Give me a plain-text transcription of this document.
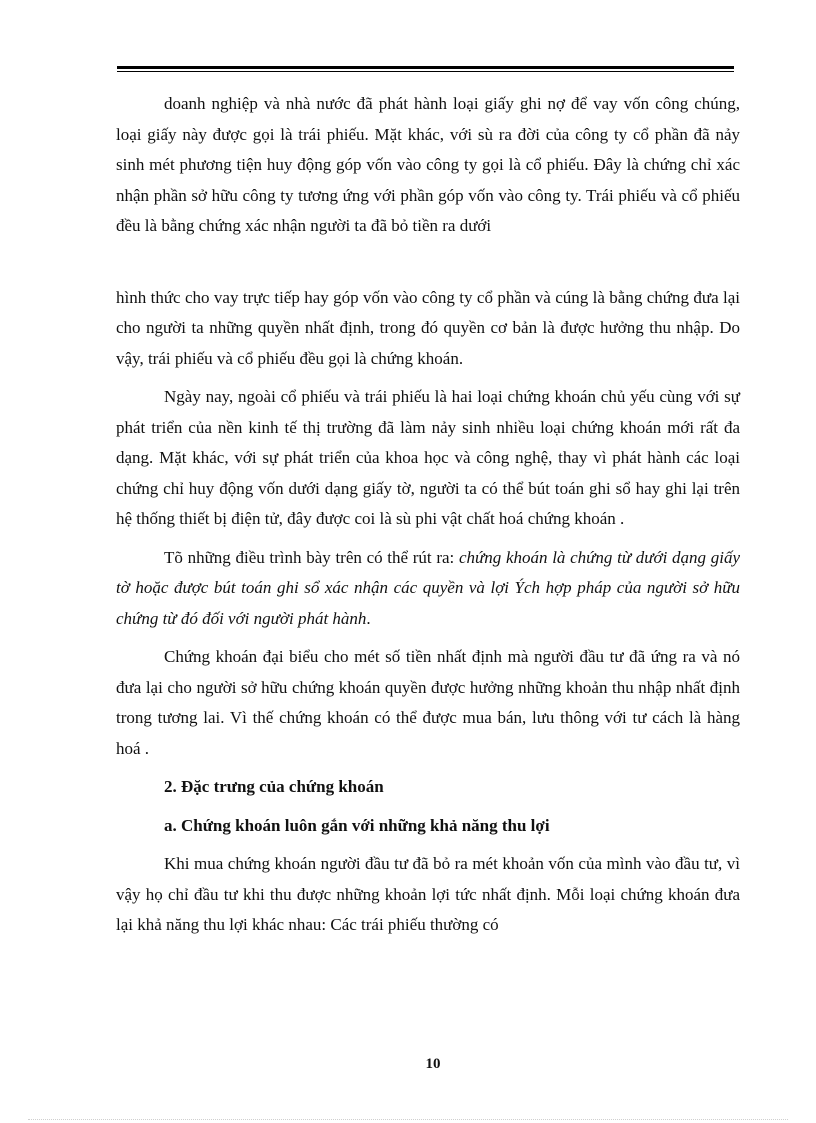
doanh nghiệp và nhà nước đã phát hành loại giấy ghi nợ để vay vốn công chúng, loại giấy này được gọi là trái phiếu. Mặt khác, với sù ra đời của công ty cổ phần đã nảy sinh mét phương tiện huy động góp vốn vào công ty gọi là cổ phiếu. Đây là chứng chỉ xác nhận phần sở hữu công ty tương ứng với phần góp vốn vào công ty. Trái phiếu và cổ phiếu đều là bằng chứng xác nhận người ta đã bỏ tiền ra dưới

hình thức cho vay trực tiếp hay góp vốn vào công ty cổ phần và cúng là bằng chứng đưa lại cho người ta những quyền nhất định, trong đó quyền cơ bản là được hưởng thu nhập. Do vậy, trái phiếu và cổ phiếu đều gọi là chứng khoán.

Ngày nay, ngoài cổ phiếu và trái phiếu là hai loại chứng khoán chủ yếu cùng với sự phát triển của nền kinh tế thị trường đã làm nảy sinh nhiều loại chứng khoán mới rất đa dạng. Mặt khác, với sự phát triển của khoa học và công nghệ, thay vì phát hành các loại chứng chỉ huy động vốn dưới dạng giấy tờ, người ta có thể bút toán ghi sổ hay ghi lại trên hệ thống thiết bị điện tử, đây được coi là sù phi vật chất hoá chứng khoán .

Tõ những điều trình bày trên có thể rút ra: chứng khoán là chứng từ dưới dạng giấy tờ hoặc được bút toán ghi sổ xác nhận các quyền và lợi Ých hợp pháp của người sở hữu chứng từ đó đối với người phát hành.

Chứng khoán đại biểu cho mét số tiền nhất định mà người đầu tư đã ứng ra và nó đưa lại cho người sở hữu chứng khoán quyền được hưởng những khoản thu nhập nhất định trong tương lai. Vì thế chứng khoán có thể được mua bán, lưu thông với tư cách là hàng hoá .

2. Đặc trưng của chứng khoán

a. Chứng khoán luôn gắn với những khả năng thu lợi

Khi mua chứng khoán người đầu tư đã bỏ ra mét khoản vốn của mình vào đầu tư, vì vậy họ chỉ đầu tư khi thu được những khoản lợi tức nhất định. Mỗi loại chứng khoán đưa lại khả năng thu lợi khác nhau: Các trái phiếu thường có

10
